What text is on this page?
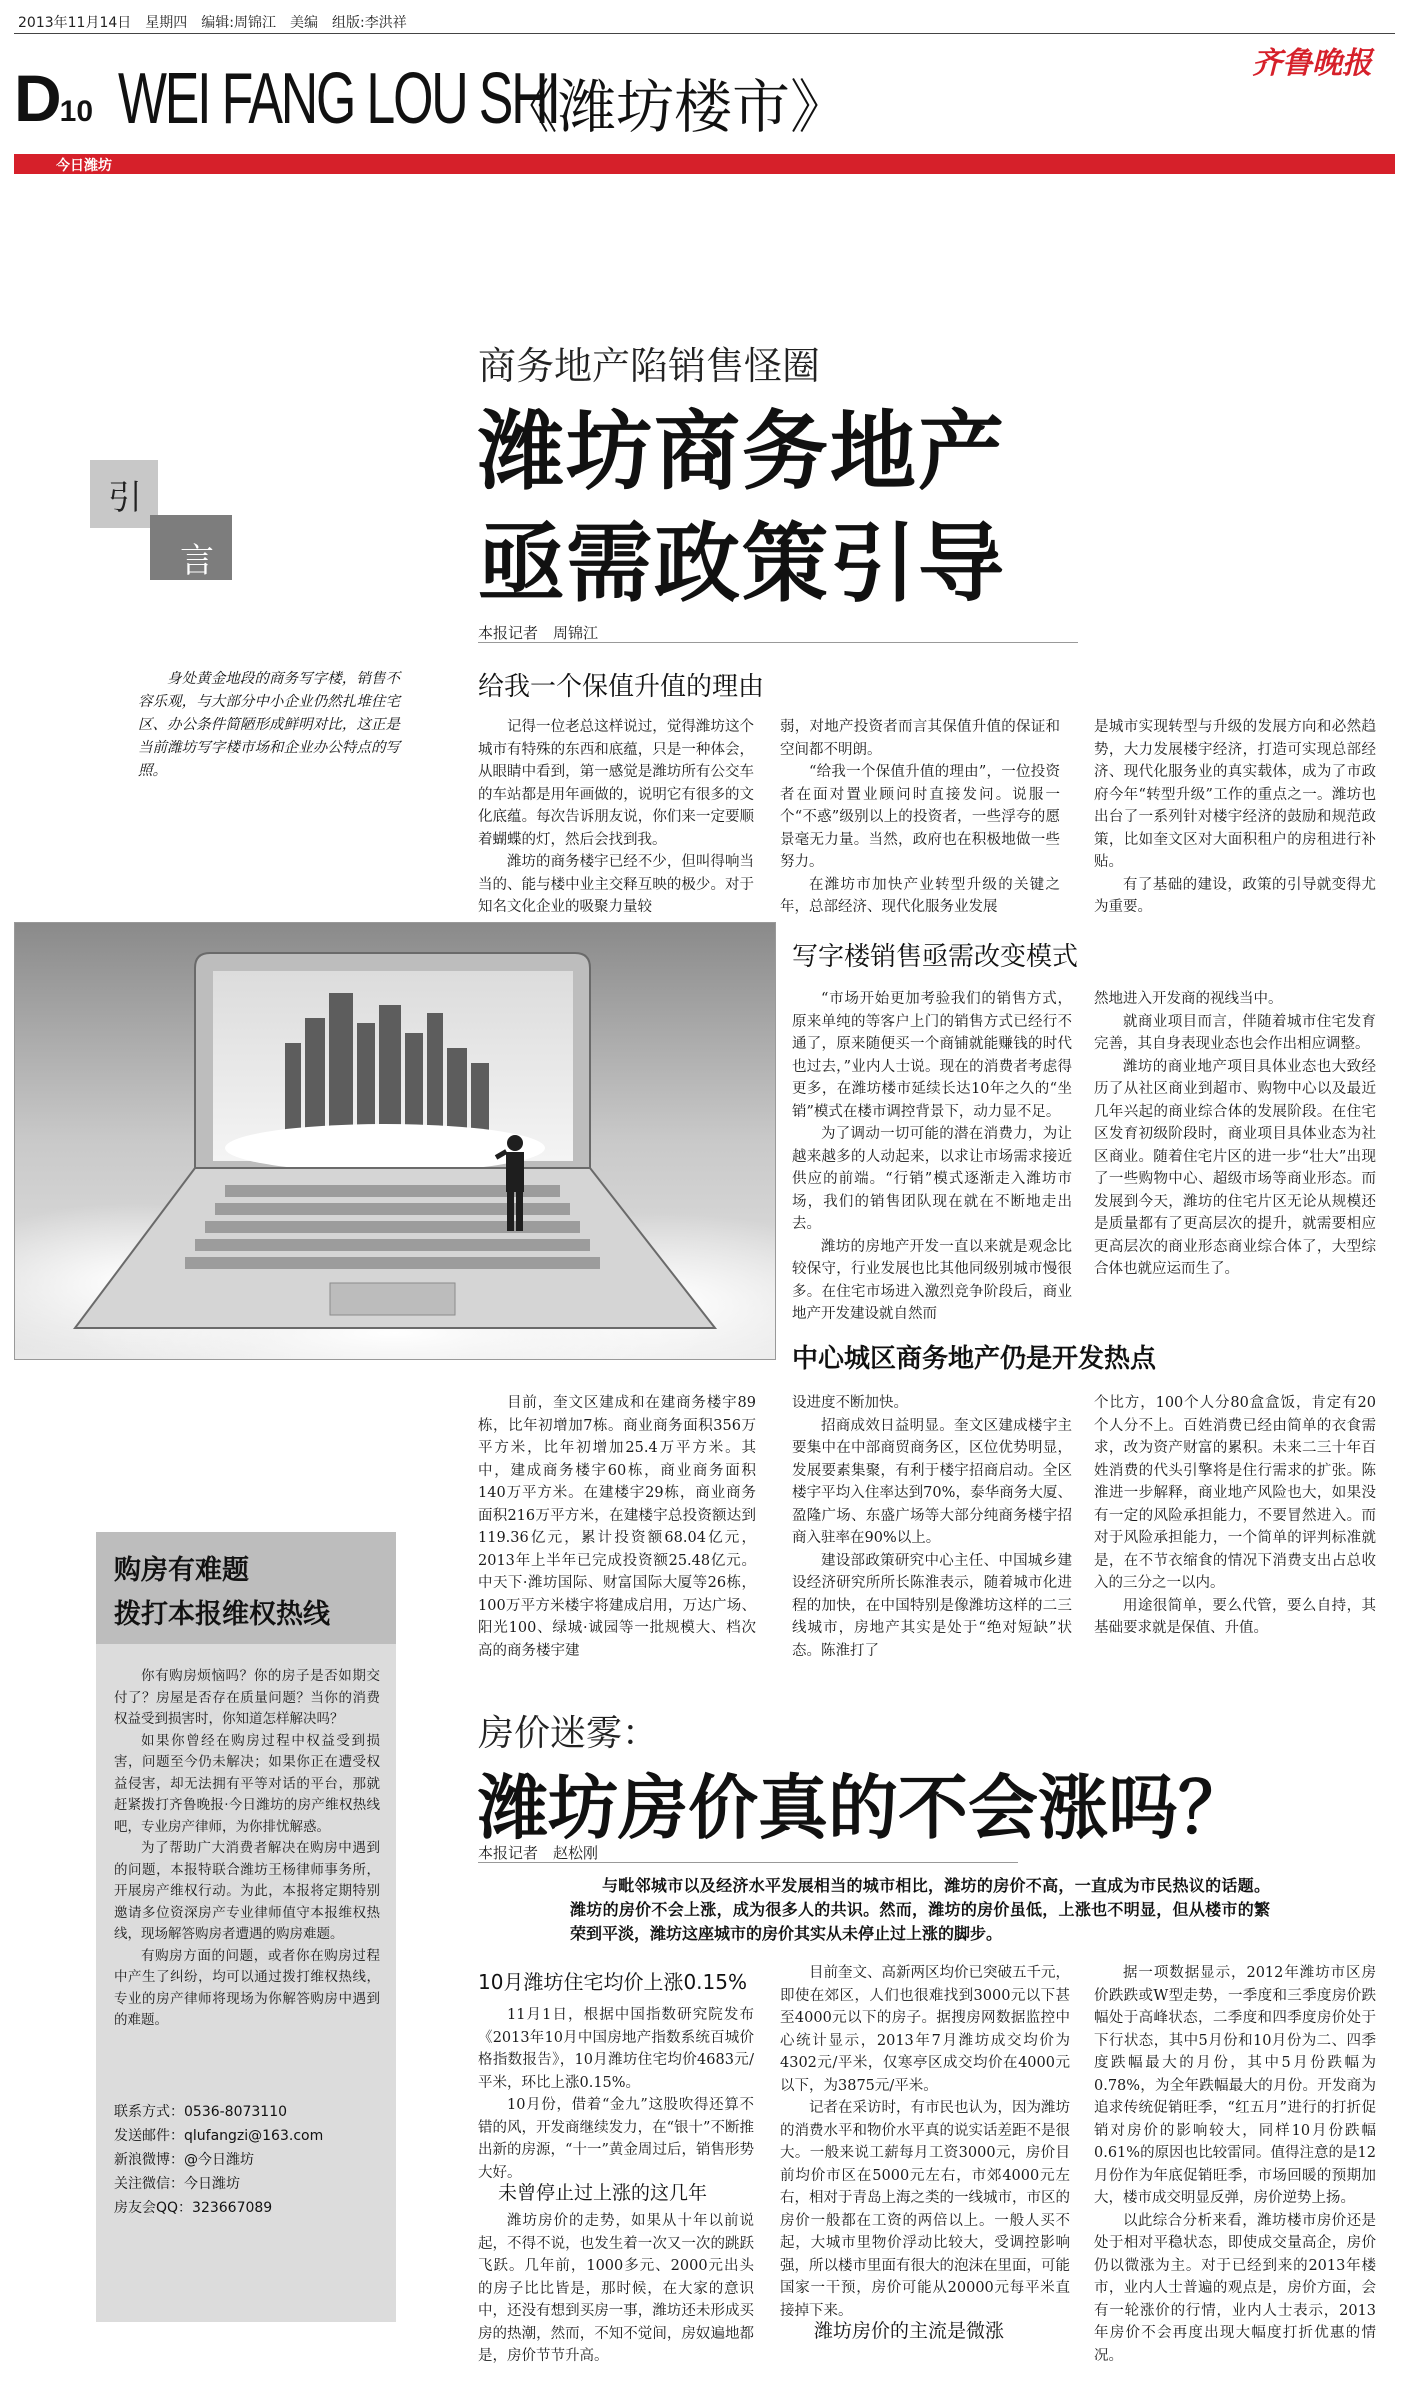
2013年11月14日　星期四　编辑:周锦江　美编　组版:李洪祥
D10 WEI FANG LOU SHI
《潍坊楼市》
齐鲁晚报
今日潍坊
商务地产陷销售怪圈
潍坊商务地产
亟需政策引导
引
言
身处黄金地段的商务写字楼，销售不容乐观，与大部分中小企业仍然扎堆住宅区、办公条件简陋形成鲜明对比，这正是当前潍坊写字楼市场和企业办公特点的写照。
本报记者　周锦江
给我一个保值升值的理由

记得一位老总这样说过，觉得潍坊这个城市有特殊的东西和底蕴，只是一种体会，从眼睛中看到，第一感觉是潍坊所有公交车的车站都是用年画做的，说明它有很多的文化底蕴。每次告诉朋友说，你们来一定要顺着蝴蝶的灯，然后会找到我。

潍坊的商务楼宇已经不少，但叫得响当当的、能与楼中业主交释互映的极少。对于知名文化企业的吸聚力量较

弱，对地产投资者而言其保值升值的保证和空间都不明朗。

“给我一个保值升值的理由”，一位投资者在面对置业顾问时直接发问。说服一个“不惑”级别以上的投资者，一些浮夸的愿景毫无力量。当然，政府也在积极地做一些努力。

在潍坊市加快产业转型升级的关键之年，总部经济、现代化服务业发展

是城市实现转型与升级的发展方向和必然趋势，大力发展楼宇经济，打造可实现总部经济、现代化服务业的真实载体，成为了市政府今年“转型升级”工作的重点之一。潍坊也出台了一系列针对楼宇经济的鼓励和规范政策，比如奎文区对大面积租户的房租进行补贴。

有了基础的建设，政策的引导就变得尤为重要。

写字楼销售亟需改变模式

“市场开始更加考验我们的销售方式，原来单纯的等客户上门的销售方式已经行不通了，原来随便买一个商铺就能赚钱的时代也过去，”业内人士说。现在的消费者考虑得更多，在潍坊楼市延续长达10年之久的“坐销”模式在楼市调控背景下，动力显不足。

为了调动一切可能的潜在消费力，为让越来越多的人动起来，以求让市场需求接近供应的前端。“行销”模式逐渐走入潍坊市场，我们的销售团队现在就在不断地走出去。

潍坊的房地产开发一直以来就是观念比较保守，行业发展也比其他同级别城市慢很多。在住宅市场进入激烈竞争阶段后，商业地产开发建设就自然而

然地进入开发商的视线当中。

就商业项目而言，伴随着城市住宅发育完善，其自身表现业态也会作出相应调整。

潍坊的商业地产项目具体业态也大致经历了从社区商业到超市、购物中心以及最近几年兴起的商业综合体的发展阶段。在住宅区发育初级阶段时，商业项目具体业态为社区商业。随着住宅片区的进一步“壮大”出现了一些购物中心、超级市场等商业形态。而发展到今天，潍坊的住宅片区无论从规模还是质量都有了更高层次的提升，就需要相应更高层次的商业形态商业综合体了，大型综合体也就应运而生了。

中心城区商务地产仍是开发热点

目前，奎文区建成和在建商务楼宇89栋，比年初增加7栋。商业商务面积356万平方米，比年初增加25.4万平方米。其中，建成商务楼宇60栋，商业商务面积140万平方米。在建楼宇29栋，商业商务面积216万平方米，在建楼宇总投资额达到119.36亿元，累计投资额68.04亿元，2013年上半年已完成投资额25.48亿元。中天下·潍坊国际、财富国际大厦等26栋，100万平方米楼宇将建成启用，万达广场、阳光100、绿城·诚园等一批规模大、档次高的商务楼宇建

设进度不断加快。

招商成效日益明显。奎文区建成楼宇主要集中在中部商贸商务区，区位优势明显，发展要素集聚，有利于楼宇招商启动。全区楼宇平均入住率达到70%，泰华商务大厦、盈隆广场、东盛广场等大部分纯商务楼宇招商入驻率在90%以上。

建设部政策研究中心主任、中国城乡建设经济研究所所长陈淮表示，随着城市化进程的加快，在中国特别是像潍坊这样的二三线城市，房地产其实是处于“绝对短缺”状态。陈淮打了

个比方，100个人分80盒盒饭，肯定有20个人分不上。百姓消费已经由简单的衣食需求，改为资产财富的累积。未来二三十年百姓消费的代头引擎将是住行需求的扩张。陈淮进一步解释，商业地产风险也大，如果没有一定的风险承担能力，不要冒然进入。而对于风险承担能力，一个简单的评判标准就是，在不节衣缩食的情况下消费支出占总收入的三分之一以内。

用途很简单，要么代管，要么自持，其基础要求就是保值、升值。

购房有难题
拨打本报维权热线

你有购房烦恼吗？你的房子是否如期交付了？房屋是否存在质量问题？当你的消费权益受到损害时，你知道怎样解决吗？

如果你曾经在购房过程中权益受到损害，问题至今仍未解决；如果你正在遭受权益侵害，却无法拥有平等对话的平台，那就赶紧拨打齐鲁晚报·今日潍坊的房产维权热线吧，专业房产律师，为你排忧解惑。

为了帮助广大消费者解决在购房中遇到的问题，本报特联合潍坊王杨律师事务所，开展房产维权行动。为此，本报将定期特别邀请多位资深房产专业律师值守本报维权热线，现场解答购房者遭遇的购房难题。

有购房方面的问题，或者你在购房过程中产生了纠纷，均可以通过拨打维权热线，专业的房产律师将现场为你解答购房中遇到的难题。

联系方式：0536-8073110
发送邮件：qlufangzi@163.com
新浪微博：@今日潍坊
关注微信：今日潍坊
房友会QQ：323667089
房价迷雾：
潍坊房价真的不会涨吗？
本报记者　赵松刚
与毗邻城市以及经济水平发展相当的城市相比，潍坊的房价不高，一直成为市民热议的话题。潍坊的房价不会上涨，成为很多人的共识。然而，潍坊的房价虽低，上涨也不明显，但从楼市的繁荣到平淡，潍坊这座城市的房价其实从未停止过上涨的脚步。
10月潍坊住宅均价上涨0.15%

11月1日，根据中国指数研究院发布《2013年10月中国房地产指数系统百城价格指数报告》，10月潍坊住宅均价4683元/平米，环比上涨0.15%。

10月份，借着“金九”这股吹得还算不错的风，开发商继续发力，在“银十”不断推出新的房源，“十一”黄金周过后，销售形势大好。

未曾停止过上涨的这几年

潍坊房价的走势，如果从十年以前说起，不得不说，也发生着一次又一次的跳跃飞跃。几年前，1000多元、2000元出头的房子比比皆是，那时候，在大家的意识中，还没有想到买房一事，潍坊还未形成买房的热潮，然而，不知不觉间，房奴遍地都是，房价节节升高。

目前奎文、高新两区均价已突破五千元，即使在郊区，人们也很难找到3000元以下甚至4000元以下的房子。据搜房网数据监控中心统计显示，2013年7月潍坊成交均价为4302元/平米，仅寒亭区成交均价在4000元以下，为3875元/平米。

记者在采访时，有市民也认为，因为潍坊的消费水平和物价水平真的说实话差距不是很大。一般来说工薪每月工资3000元，房价目前均价市区在5000元左右，市郊4000元左右，相对于青岛上海之类的一线城市，市区的房价一般都在工资的两倍以上。一般人买不起，大城市里物价浮动比较大，受调控影响强，所以楼市里面有很大的泡沫在里面，可能国家一干预，房价可能从20000元每平米直接掉下来。

潍坊房价的主流是微涨

据一项数据显示，2012年潍坊市区房价跌跌或W型走势，一季度和三季度房价跌幅处于高峰状态，二季度和四季度房价处于下行状态，其中5月份和10月份为二、四季度跌幅最大的月份，其中5月份跌幅为0.78%，为全年跌幅最大的月份。开发商为追求传统促销旺季，“红五月”进行的打折促销对房价的影响较大，同样10月份跌幅0.61%的原因也比较雷同。值得注意的是12月份作为年底促销旺季，市场回暖的预期加大，楼市成交明显反弹，房价逆势上扬。

以此综合分析来看，潍坊楼市房价还是处于相对平稳状态，即使成交量高企，房价仍以微涨为主。对于已经到来的2013年楼市，业内人士普遍的观点是，房价方面，会有一轮涨价的行情，业内人士表示，2013年房价不会再度出现大幅度打折优惠的情况。
